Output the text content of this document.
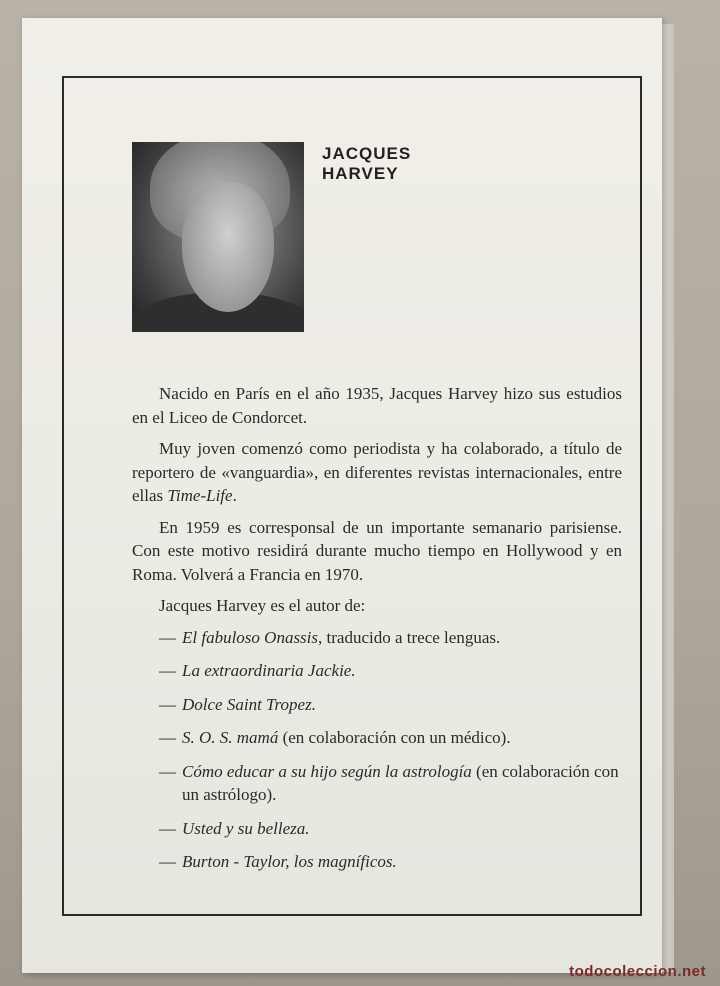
JACQUES
HARVEY

Nacido en París en el año 1935, Jacques Harvey hizo sus estudios en el Liceo de Condorcet.

Muy joven comenzó como periodista y ha colaborado, a título de reportero de «vanguardia», en diferentes revistas internacionales, entre ellas Time-Life.

En 1959 es corresponsal de un importante semanario parisiense. Con este motivo residirá durante mucho tiempo en Hollywood y en Roma. Volverá a Francia en 1970.

Jacques Harvey es el autor de:

— El fabuloso Onassis, traducido a trece lenguas.
— La extraordinaria Jackie.
— Dolce Saint Tropez.
— S. O. S. mamá (en colaboración con un médico).
— Cómo educar a su hijo según la astrología (en colaboración con un astrólogo).
— Usted y su belleza.
— Burton - Taylor, los magníficos.
todocoleccion.net
